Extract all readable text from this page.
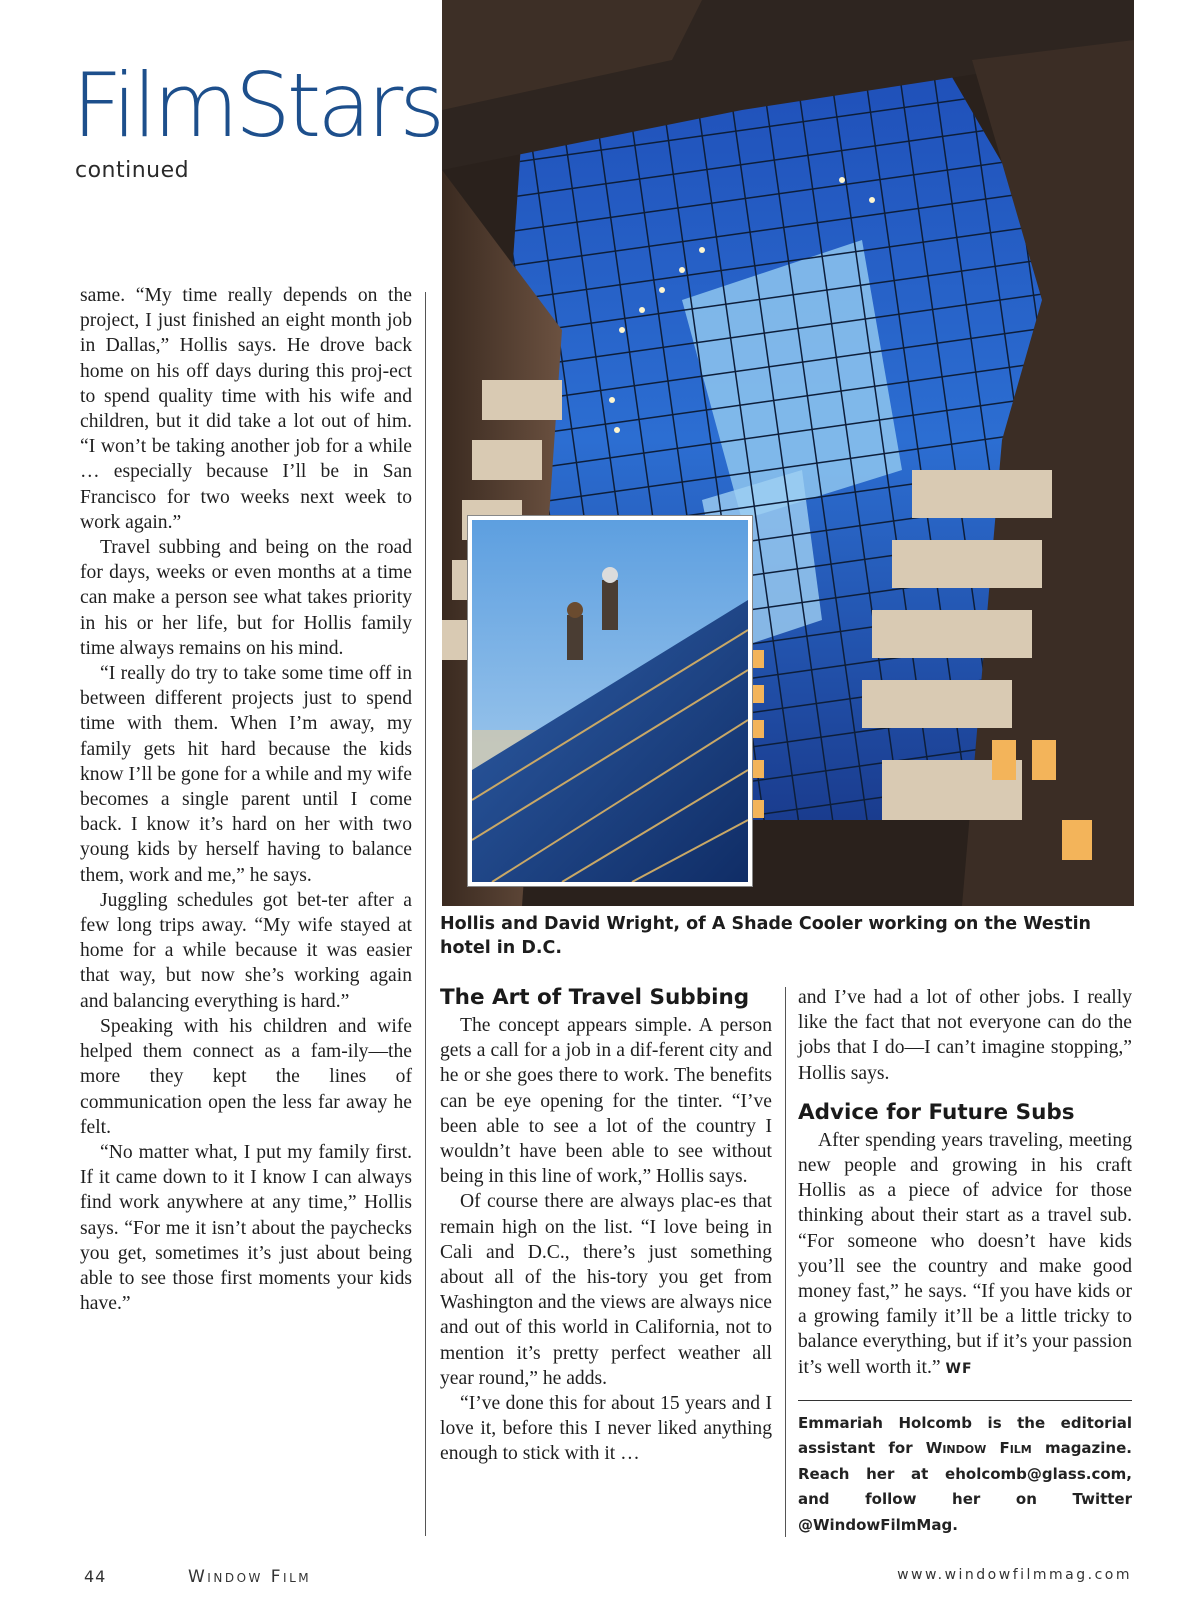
FilmStars
continued

same. “My time really depends on the project, I just finished an eight month job in Dallas,” Hollis says. He drove back home on his off days during this proj-ect to spend quality time with his wife and children, but it did take a lot out of him. “I won’t be taking another job for a while … especially because I’ll be in San Francisco for two weeks next week to work again.”

Travel subbing and being on the road for days, weeks or even months at a time can make a person see what takes priority in his or her life, but for Hollis family time always remains on his mind.

“I really do try to take some time off in between different projects just to spend time with them. When I’m away, my family gets hit hard because the kids know I’ll be gone for a while and my wife becomes a single parent until I come back. I know it’s hard on her with two young kids by herself having to balance them, work and me,” he says.

Juggling schedules got bet-ter after a few long trips away. “My wife stayed at home for a while because it was easier that way, but now she’s working again and balancing everything is hard.”

Speaking with his children and wife helped them connect as a fam-ily—the more they kept the lines of communication open the less far away he felt.

“No matter what, I put my family first. If it came down to it I know I can always find work anywhere at any time,” Hollis says. “For me it isn’t about the paychecks you get, sometimes it’s just about being able to see those first moments your kids have.”

Hollis and David Wright, of A Shade Cooler working on the Westin hotel in D.C.
The Art of Travel Subbing

The concept appears simple. A person gets a call for a job in a dif-ferent city and he or she goes there to work. The benefits can be eye opening for the tinter. “I’ve been able to see a lot of the country I wouldn’t have been able to see without being in this line of work,” Hollis says.

Of course there are always plac-es that remain high on the list. “I love being in Cali and D.C., there’s just something about all of the his-tory you get from Washington and the views are always nice and out of this world in California, not to mention it’s pretty perfect weather all year round,” he adds.

“I’ve done this for about 15 years and I love it, before this I never liked anything enough to stick with it …

and I’ve had a lot of other jobs. I really like the fact that not everyone can do the jobs that I do—I can’t imagine stopping,” Hollis says.

Advice for Future Subs

After spending years traveling, meeting new people and growing in his craft Hollis as a piece of advice for those thinking about their start as a travel sub. “For someone who doesn’t have kids you’ll see the country and make good money fast,” he says. “If you have kids or a growing family it’ll be a little tricky to balance everything, but if it’s your passion it’s well worth it.” WF

Emmariah Holcomb is the editorial assistant for Window Film magazine. Reach her at eholcomb@glass.com, and follow her on Twitter @WindowFilmMag.

44	Window Film	www.windowfilmmag.com
